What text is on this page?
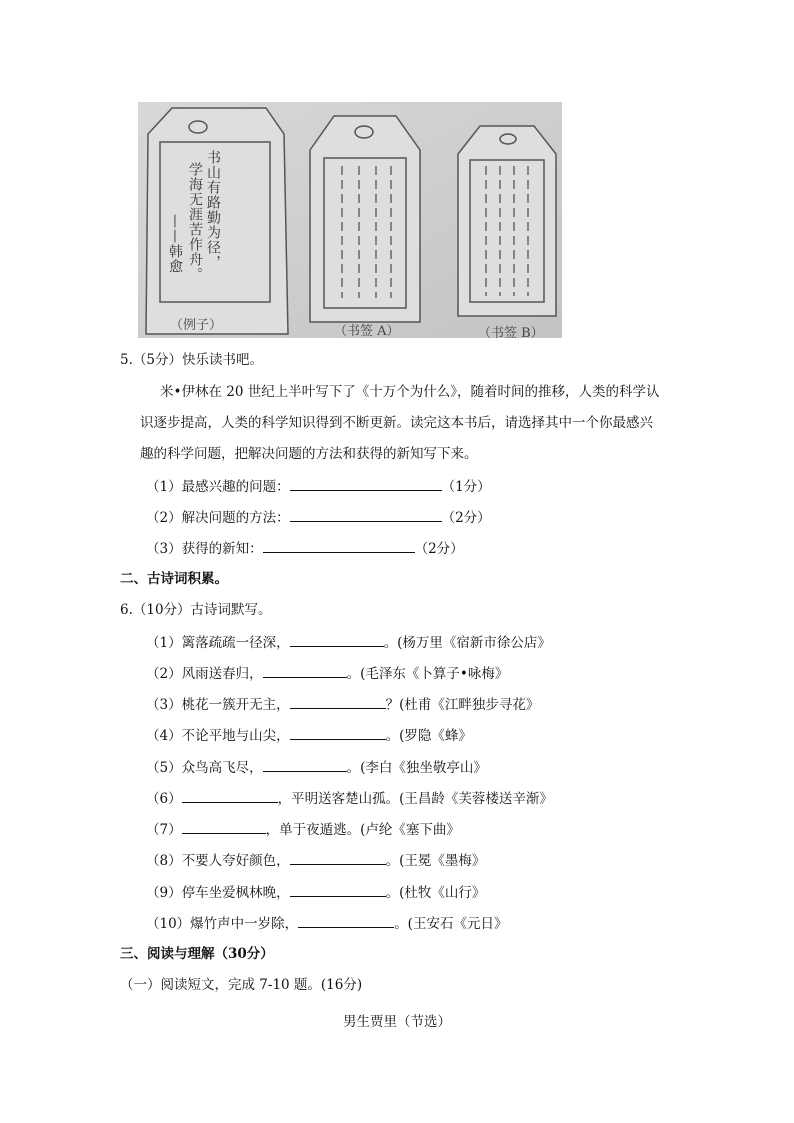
书山有路勤为径，
学海无涯苦作舟。
——韩愈
（例子）	（书签 A）	（书签 B）
5.（5分）快乐读书吧。
米•伊林在 20 世纪上半叶写下了《十万个为什么》，随着时间的推移，人类的科学认
识逐步提高，人类的科学知识得到不断更新。读完这本书后，请选择其中一个你最感兴
趣的科学问题，把解决问题的方法和获得的新知写下来。
（1）最感兴趣的问题：	（1分）
（2）解决问题的方法：	（2分）
（3）获得的新知：	（2分）
二、古诗词积累。
6.（10分）古诗词默写。
（1）篱落疏疏一径深，	。(杨万里《宿新市徐公店》
（2）风雨送春归，	。(毛泽东《卜算子•咏梅》
（3）桃花一簇开无主，	？(杜甫《江畔独步寻花》
（4）不论平地与山尖，	。(罗隐《蜂》
（5）众鸟高飞尽，	。(李白《独坐敬亭山》
（6）	，平明送客楚山孤。(王昌龄《芙蓉楼送辛渐》
（7）	，单于夜遁逃。(卢纶《塞下曲》
（8）不要人夸好颜色，	。(王冕《墨梅》
（9）停车坐爱枫林晚，	。(杜牧《山行》
（10）爆竹声中一岁除，	。(王安石《元日》
三、阅读与理解（30分）
（一）阅读短文，完成 7-10 题。(16分)
男生贾里（节选）
